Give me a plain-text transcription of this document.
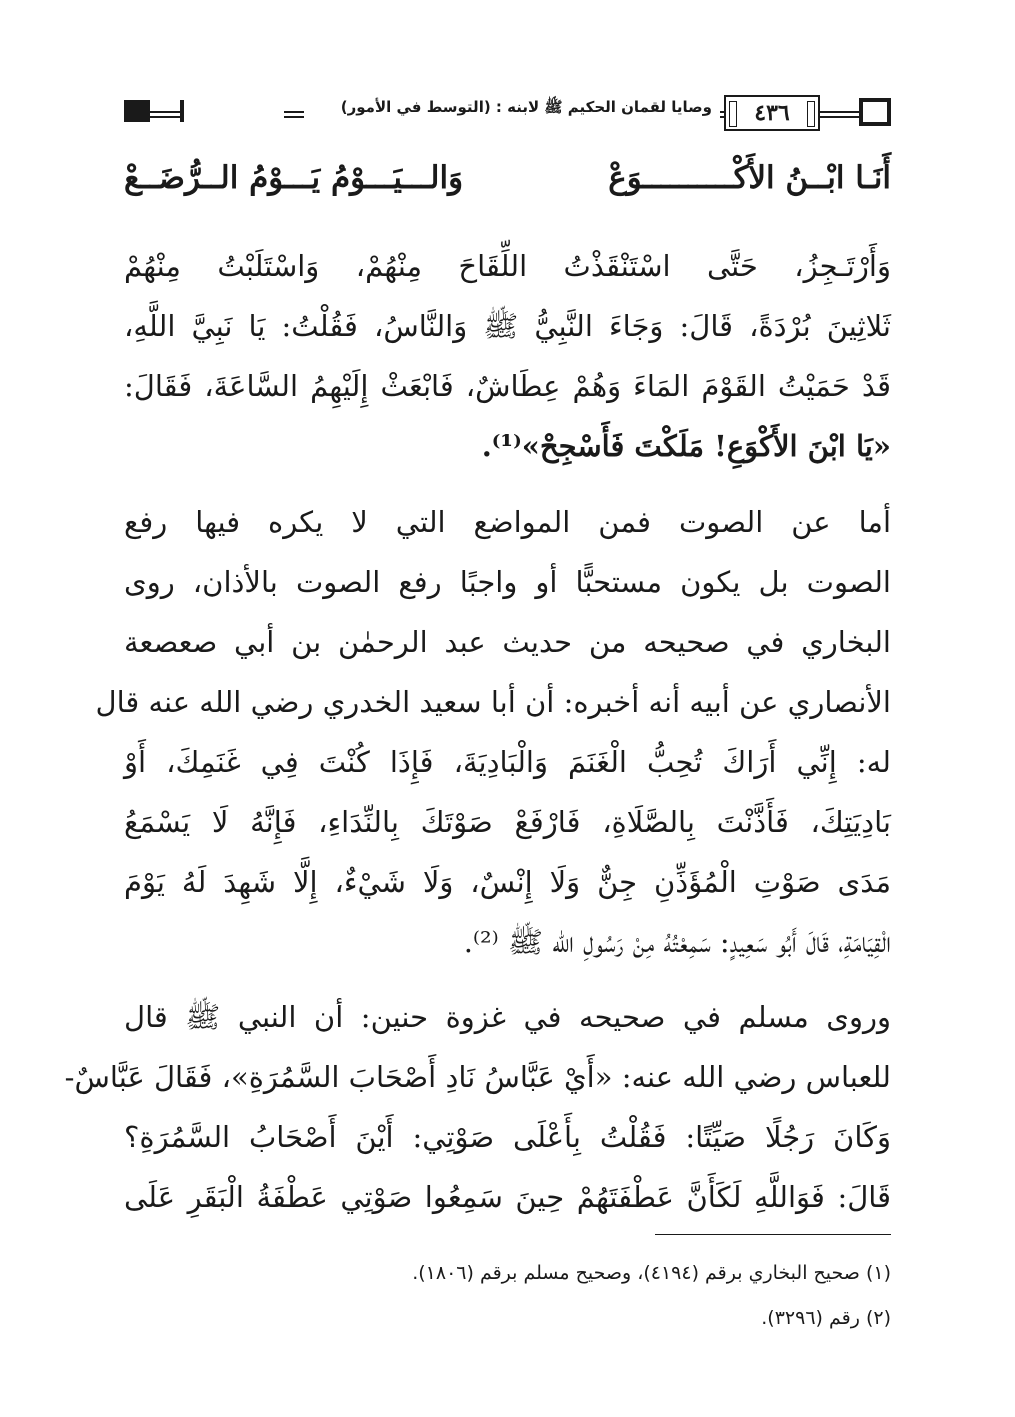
وصايا لقمان الحكيم ﷺ لابنه : (التوسط في الأمور)	٤٣٦
أَنَـا ابْــنُ الأَكْــــــــــوَعْ
وَالـــيَـــوْمُ يَـــوْمُ الــرُّضَــعْ
وَأَرْتَـجِزُ، حَتَّى اسْتَنْقَذْتُ اللِّقَاحَ مِنْهُمْ، وَاسْتَلَبْتُ مِنْهُمْ
ثَلاثِينَ بُرْدَةً، قَالَ: وَجَاءَ النَّبِيُّ ﷺ وَالنَّاسُ، فَقُلْتُ: يَا نَبِيَّ اللَّهِ،
قَدْ حَمَيْتُ القَوْمَ المَاءَ وَهُمْ عِطَاشٌ، فَابْعَثْ إِلَيْهِمُ السَّاعَةَ، فَقَالَ:
«يَا ابْنَ الأَكْوَعِ! مَلَكْتَ فَأَسْجِحْ»⁽¹⁾.
أما عن الصوت فمن المواضع التي لا يكره فيها رفع
الصوت بل يكون مستحبًّا أو واجبًا رفع الصوت بالأذان، روى
البخاري في صحيحه من حديث عبد الرحمٰن بن أبي صعصعة
الأنصاري عن أبيه أنه أخبره: أن أبا سعيد الخدري رضي الله عنه قال
له: إِنِّي أَرَاكَ تُحِبُّ الْغَنَمَ وَالْبَادِيَةَ، فَإِذَا كُنْتَ فِي غَنَمِكَ، أَوْ
بَادِيَتِكَ، فَأَذَّنْتَ بِالصَّلَاةِ، فَارْفَعْ صَوْتَكَ بِالنِّدَاءِ، فَإِنَّهُ لَا يَسْمَعُ
مَدَى صَوْتِ الْمُؤَذِّنِ جِنٌّ وَلَا إِنْسٌ، وَلَا شَيْءٌ، إِلَّا شَهِدَ لَهُ يَوْمَ
الْقِيَامَةِ، قَالَ أَبُو سَعِيدٍ: سَمِعْتُهُ مِنْ رَسُولِ الله ﷺ ⁽²⁾.
وروى مسلم في صحيحه في غزوة حنين: أن النبي ﷺ قال
للعباس رضي الله عنه: «أَيْ عَبَّاسُ نَادِ أَصْحَابَ السَّمُرَةِ»، فَقَالَ عَبَّاسٌ-
وَكَانَ رَجُلًا صَيِّتًا: فَقُلْتُ بِأَعْلَى صَوْتِي: أَيْنَ أَصْحَابُ السَّمُرَةِ؟
قَالَ: فَوَاللَّهِ لَكَأَنَّ عَطْفَتَهُمْ حِينَ سَمِعُوا صَوْتِي عَطْفَةُ الْبَقَرِ عَلَى
(١) صحيح البخاري برقم (٤١٩٤)، وصحيح مسلم برقم (١٨٠٦).
(٢) رقم (٣٢٩٦).
